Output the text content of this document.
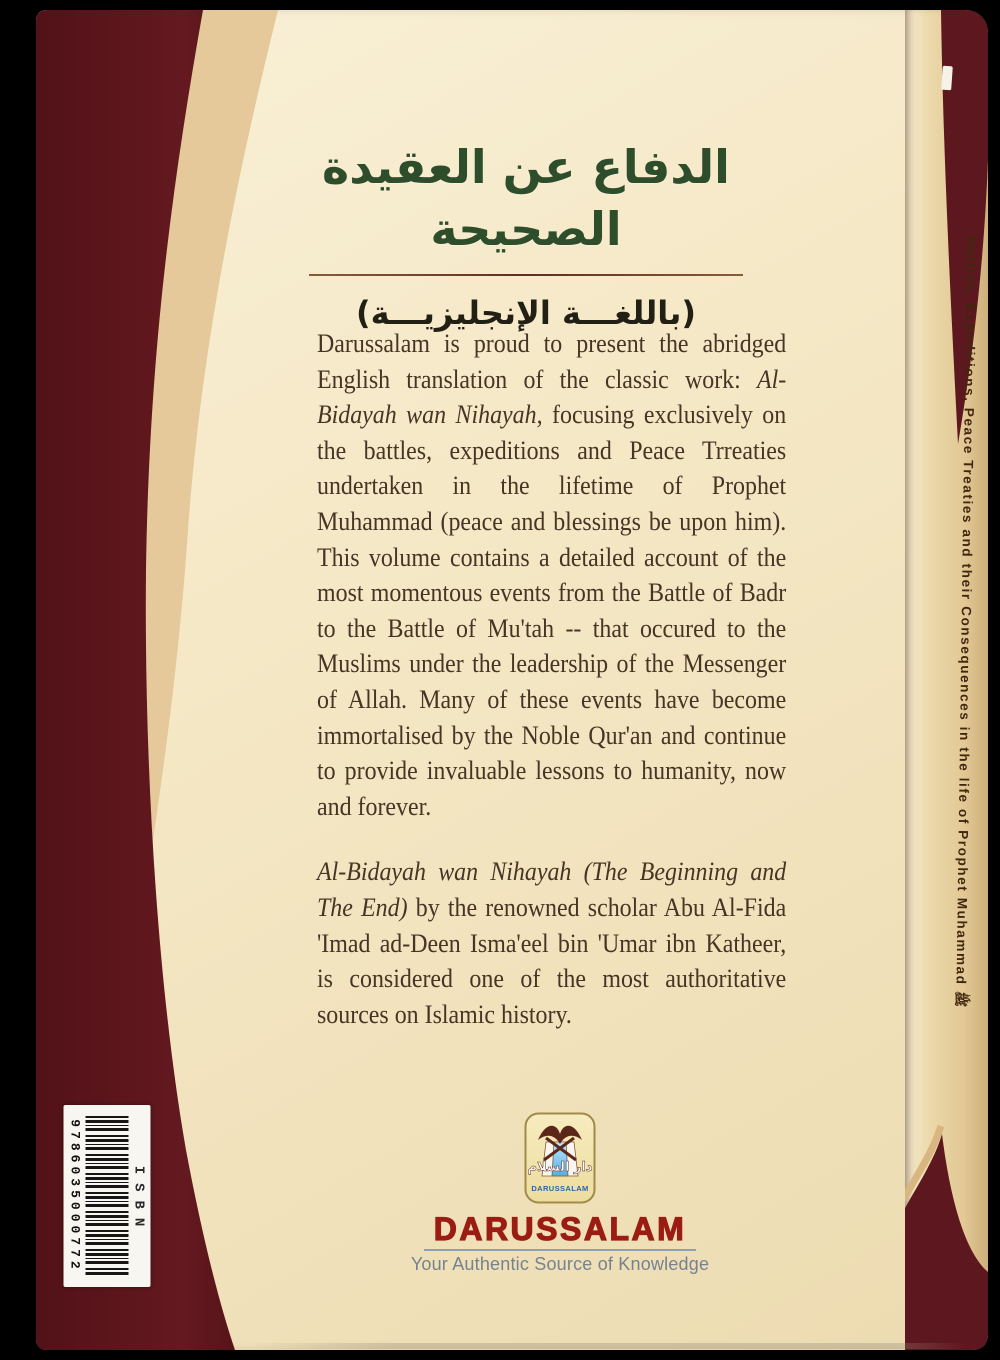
الدفاع عن العقيدة الصحيحة
(باللغـــة الإنجليزيـــة)

Darussalam is proud to present the abridged English translation of the classic work: Al-Bidayah wan Nihayah, focusing exclusively on the battles, expeditions and Peace Trreaties undertaken in the lifetime of Prophet Muhammad (peace and blessings be upon him). This volume contains a detailed account of the most momentous events from the Battle of Badr to the Battle of Mu'tah -- that occured to the Muslims under the leadership of the Messenger of Allah. Many of these events have become immortalised by the Noble Qur'an and continue to provide invaluable lessons to humanity, now and forever.

Al-Bidayah wan Nihayah (The Beginning and The End) by the renowned scholar Abu Al-Fida 'Imad ad-Deen Isma'eel bin 'Umar ibn Katheer, is considered one of the most authoritative sources on Islamic history.

دار السلام
DARUSSALAM
DARUSSALAM
Your Authentic Source of Knowledge
ISBN
9786035000772
Battles, Expeditions, Peace Treaties and their Consequences in the life of Prophet Muhammad ﷺ
